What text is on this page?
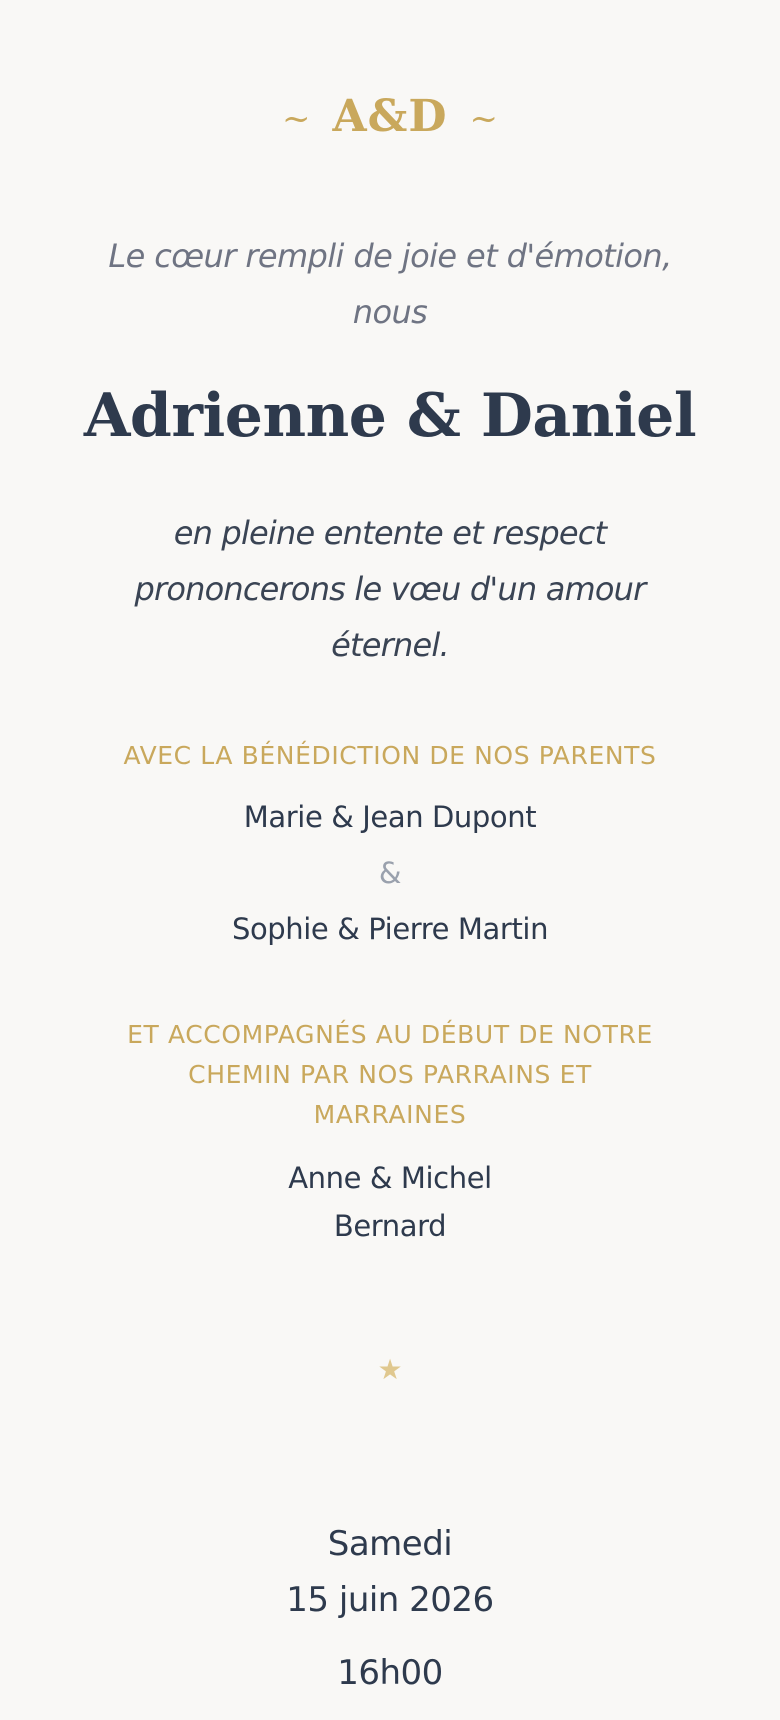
~ A&D ~
Le cœur rempli de joie et d'émotion,
nous
Adrienne & Daniel
en pleine entente et respect
prononcerons le vœu d'un amour
éternel.
AVEC LA BÉNÉDICTION DE NOS PARENTS
Marie & Jean Dupont
&
Sophie & Pierre Martin
ET ACCOMPAGNÉS AU DÉBUT DE NOTRE
CHEMIN PAR NOS PARRAINS ET
MARRAINES
Anne & Michel
Bernard
★
Samedi
15 juin 2026
16h00
